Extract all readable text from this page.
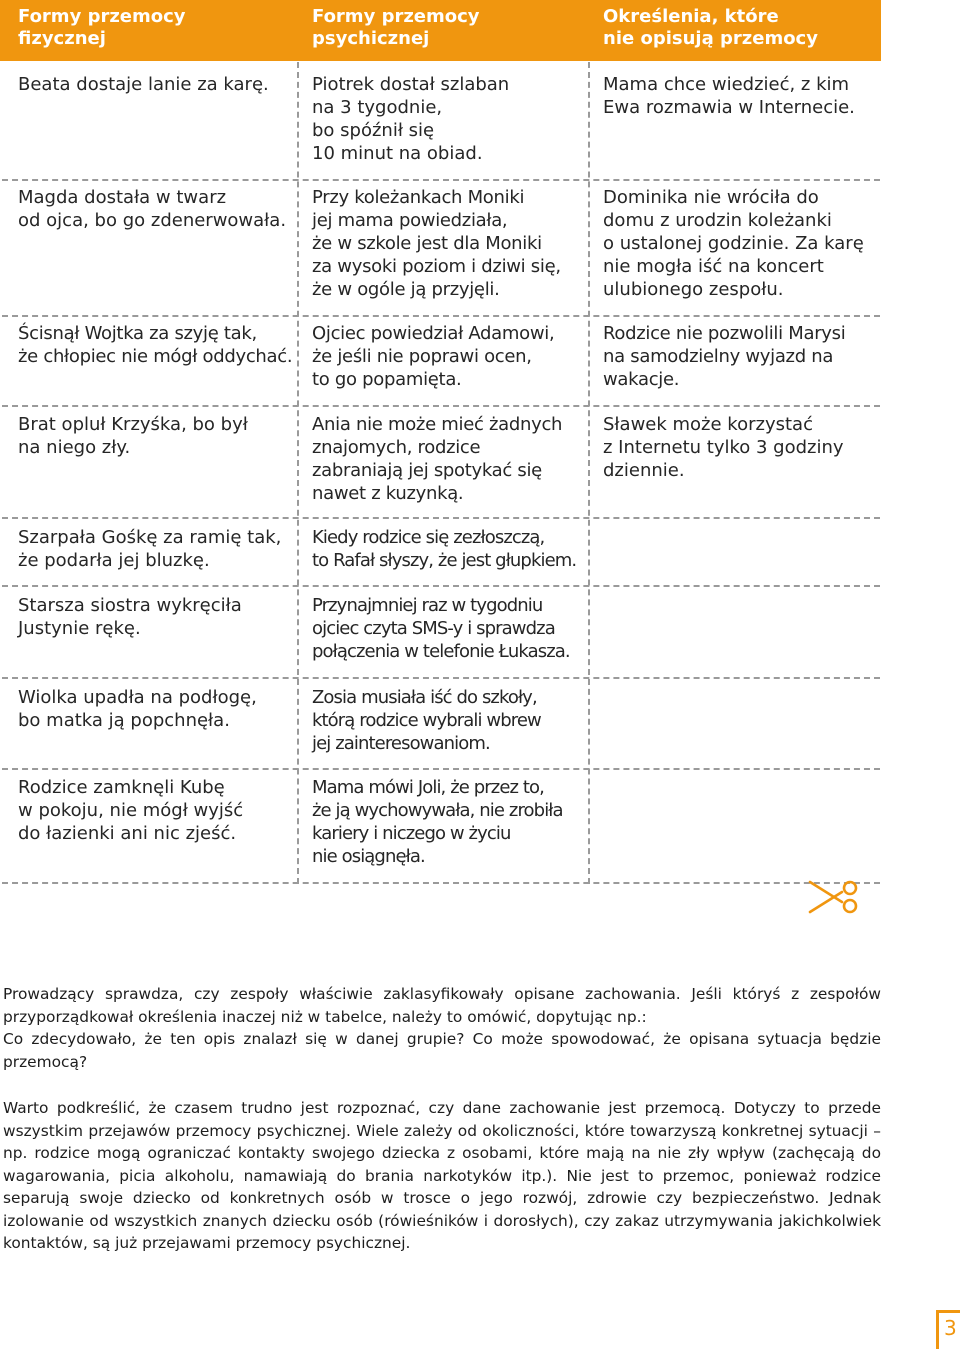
Formy przemocy
fizycznej
Formy przemocy
psychicznej
Określenia, które
nie opisują przemocy
Beata dostaje lanie za karę.
Magda dostała w twarz
od ojca, bo go zdenerwowała.
Ścisnął Wojtka za szyję tak,
że chłopiec nie mógł oddychać.
Brat opluł Krzyśka, bo był
na niego zły.
Szarpała Gośkę za ramię tak,
że podarła jej bluzkę.
Starsza siostra wykręciła
Justynie rękę.
Wiolka upadła na podłogę,
bo matka ją popchnęła.
Rodzice zamknęli Kubę
w pokoju, nie mógł wyjść
do łazienki ani nic zjeść.
Piotrek dostał szlaban
na 3 tygodnie,
bo spóźnił się
10 minut na obiad.
Przy koleżankach Moniki
jej mama powiedziała,
że w szkole jest dla Moniki
za wysoki poziom i dziwi się,
że w ogóle ją przyjęli.
Ojciec powiedział Adamowi,
że jeśli nie poprawi ocen,
to go popamięta.
Ania nie może mieć żadnych
znajomych, rodzice
zabraniają jej spotykać się
nawet z kuzynką.
Kiedy rodzice się zezłoszczą,
to Rafał słyszy, że jest głupkiem.
Przynajmniej raz w tygodniu
ojciec czyta SMS-y i sprawdza
połączenia w telefonie Łukasza.
Zosia musiała iść do szkoły,
którą rodzice wybrali wbrew
jej zainteresowaniom.
Mama mówi Joli, że przez to,
że ją wychowywała, nie zrobiła
kariery i niczego w życiu
nie osiągnęła.
Mama chce wiedzieć, z kim
Ewa rozmawia w Internecie.
Dominika nie wróciła do
domu z urodzin koleżanki
o ustalonej godzinie. Za karę
nie mogła iść na koncert
ulubionego zespołu.
Rodzice nie pozwolili Marysi
na samodzielny wyjazd na
wakacje.
Sławek może korzystać
z Internetu tylko 3 godziny
dziennie.
Prowadzący sprawdza, czy zespoły właściwie zaklasyfikowały opisane zachowania. Jeśli któryś z zespołów przyporządkował określenia inaczej niż w tabelce, należy to omówić, dopytując np.:
Co zdecydowało, że ten opis znalazł się w danej grupie? Co może spowodować, że opisana sytuacja będzie przemocą?
Warto podkreślić, że czasem trudno jest rozpoznać, czy dane zachowanie jest przemocą. Dotyczy to przede wszystkim przejawów przemocy psychicznej. Wiele zależy od okoliczności, które towarzyszą konkretnej sytuacji – np. rodzice mogą ograniczać kontakty swojego dziecka z osobami, które mają na nie zły wpływ (zachęcają do wagarowania, picia alkoholu, namawiają do brania narkotyków itp.). Nie jest to przemoc, ponieważ rodzice separują swoje dziecko od konkretnych osób w trosce o jego rozwój, zdrowie czy bezpieczeństwo. Jednak izolowanie od wszystkich znanych dziecku osób (rówieśników i dorosłych), czy zakaz utrzymywania jakichkolwiek kontaktów, są już przejawami przemocy psychicznej.
3
